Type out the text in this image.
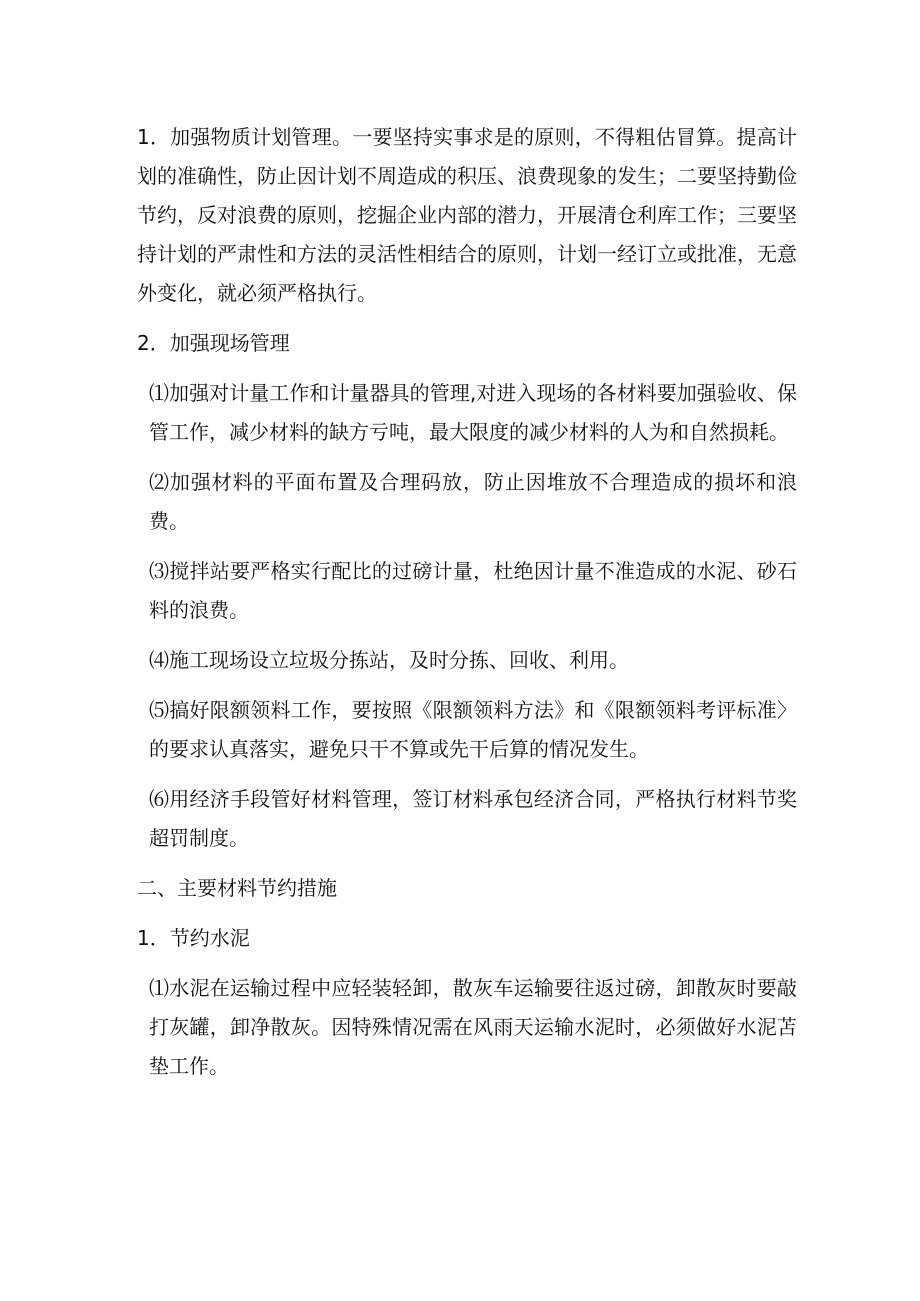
1．加强物质计划管理。一要坚持实事求是的原则，不得粗估冒算。提高计划的准确性，防止因计划不周造成的积压、浪费现象的发生；二要坚持勤俭节约，反对浪费的原则，挖掘企业内部的潜力，开展清仓利库工作；三要坚持计划的严肃性和方法的灵活性相结合的原则，计划一经订立或批准，无意外变化，就必须严格执行。

2．加强现场管理

⑴加强对计量工作和计量器具的管理,对进入现场的各材料要加强验收、保管工作，减少材料的缺方亏吨，最大限度的减少材料的人为和自然损耗。

⑵加强材料的平面布置及合理码放，防止因堆放不合理造成的损坏和浪费。

⑶搅拌站要严格实行配比的过磅计量，杜绝因计量不准造成的水泥、砂石料的浪费。

⑷施工现场设立垃圾分拣站，及时分拣、回收、利用。

⑸搞好限额领料工作，要按照《限额领料方法》和《限额领料考评标准〉的要求认真落实，避免只干不算或先干后算的情况发生。

⑹用经济手段管好材料管理，签订材料承包经济合同，严格执行材料节奖超罚制度。

二、主要材料节约措施

1．节约水泥

⑴水泥在运输过程中应轻装轻卸，散灰车运输要往返过磅，卸散灰时要敲打灰罐，卸净散灰。因特殊情况需在风雨天运输水泥时，必须做好水泥苫垫工作。
